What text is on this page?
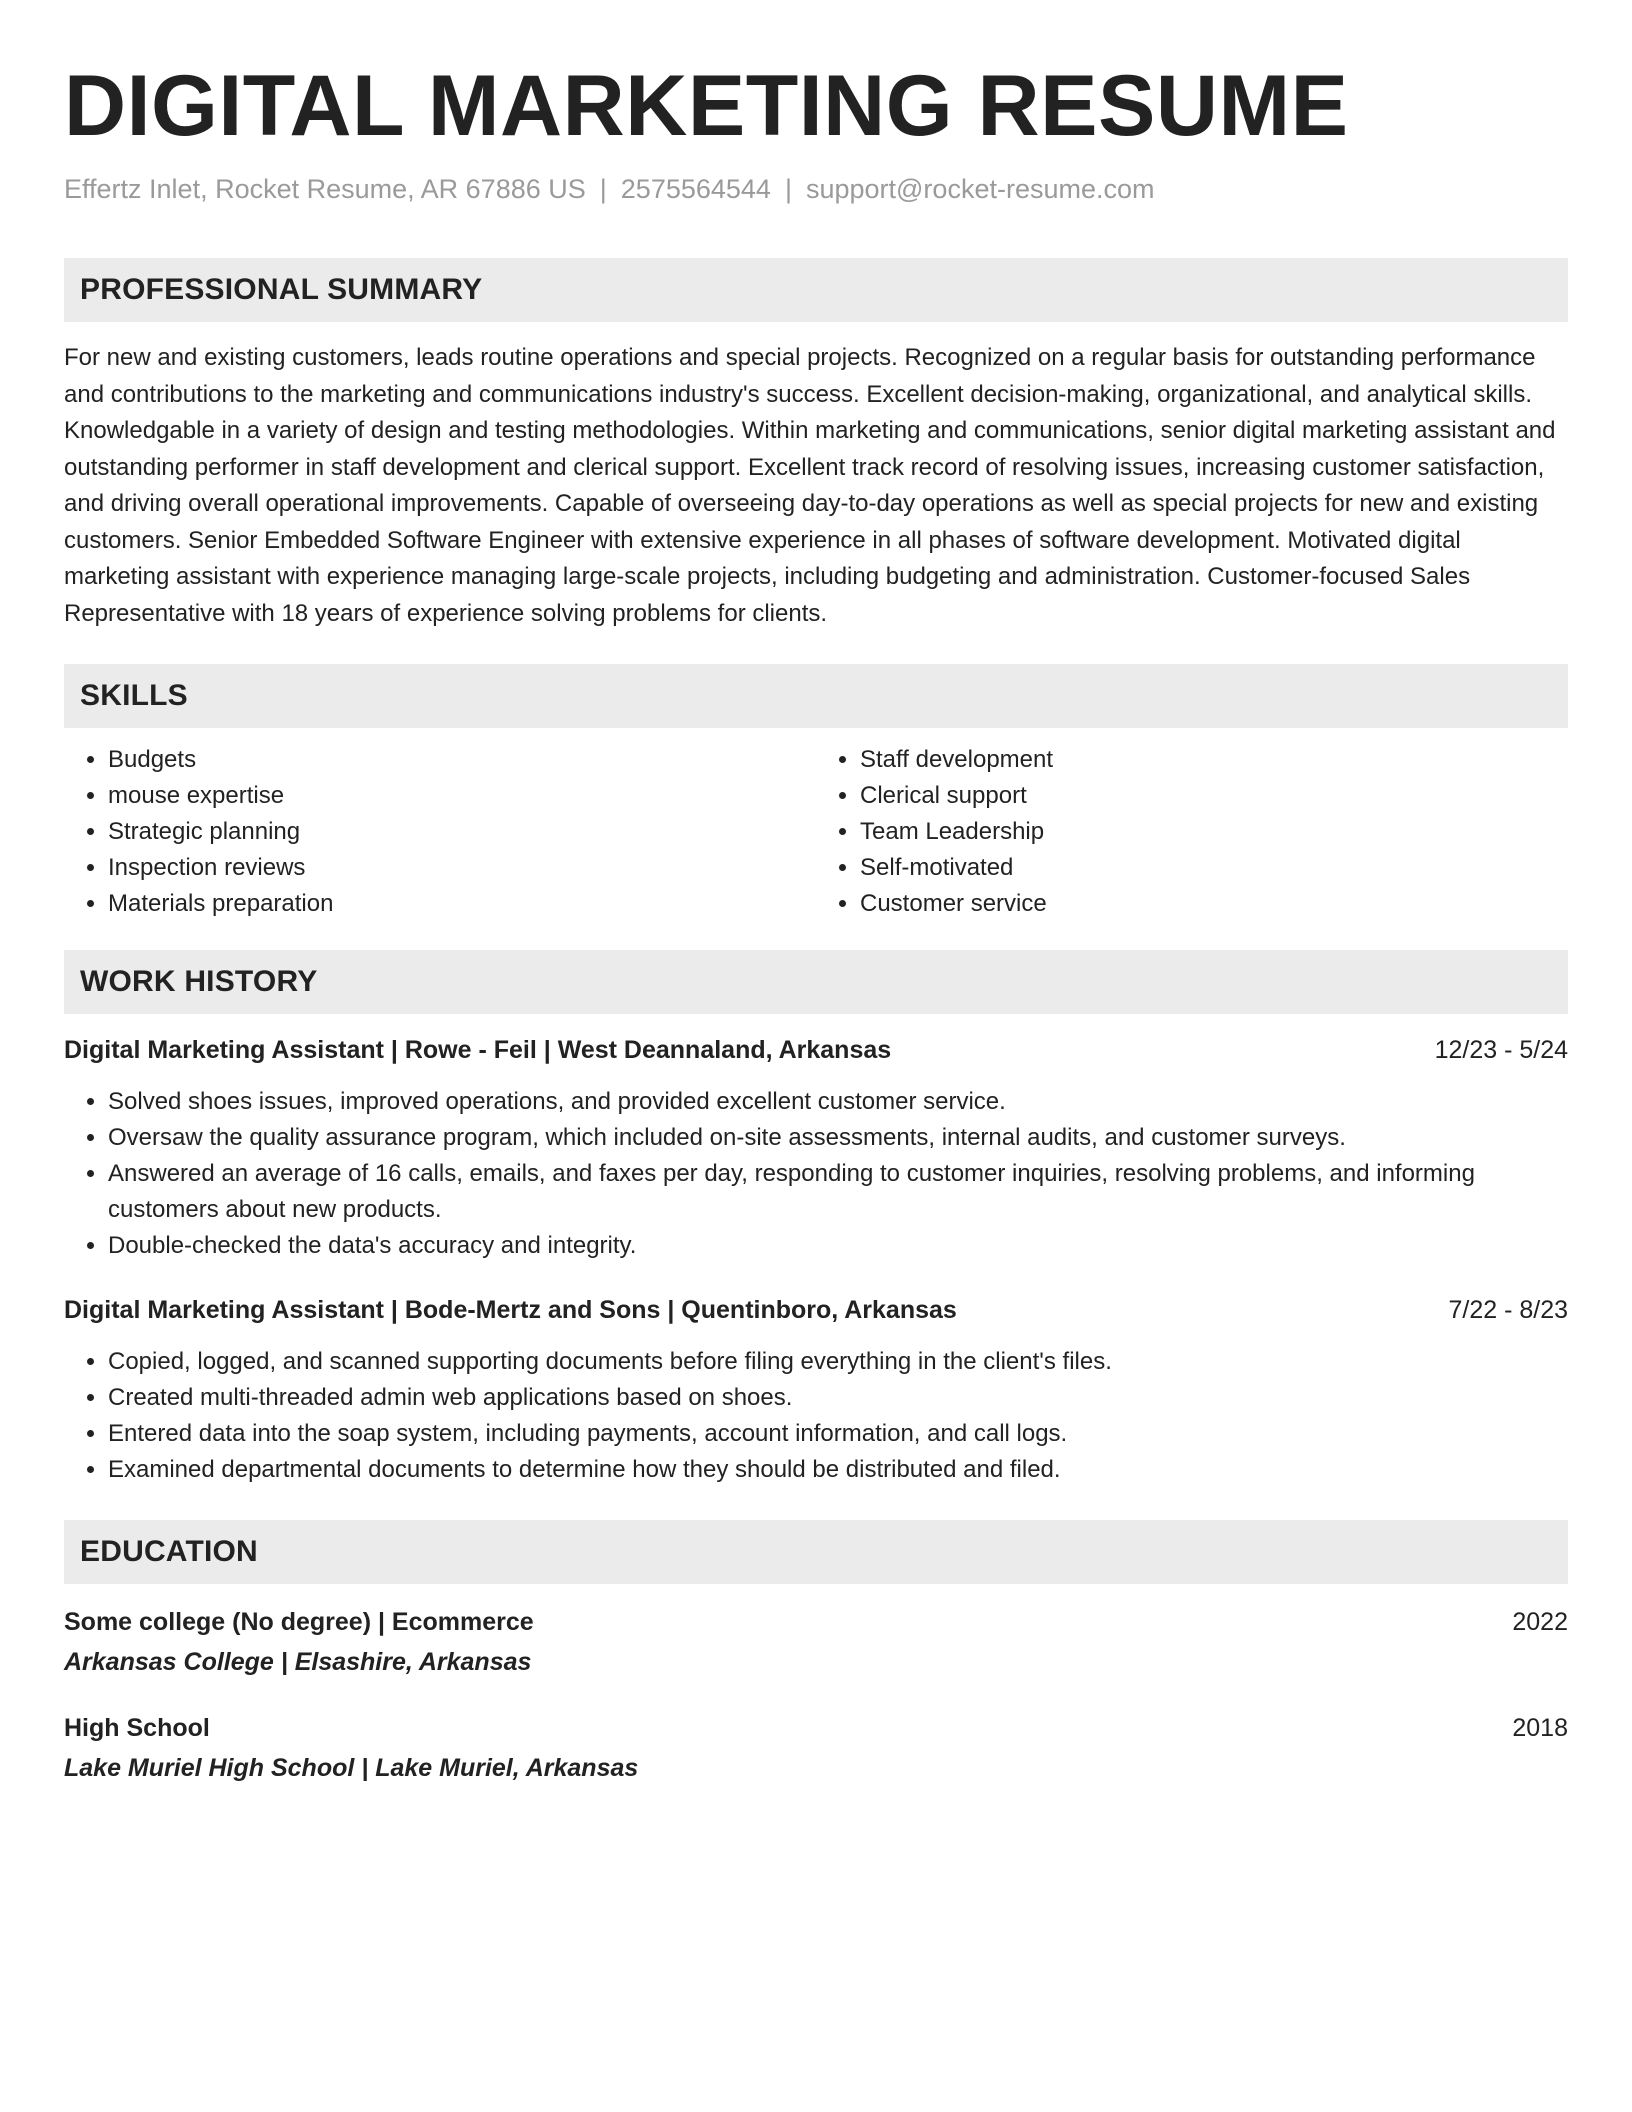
DIGITAL MARKETING RESUME
Effertz Inlet, Rocket Resume, AR 67886 US | 2575564544 | support@rocket-resume.com
PROFESSIONAL SUMMARY

For new and existing customers, leads routine operations and special projects. Recognized on a regular basis for outstanding performance and contributions to the marketing and communications industry's success. Excellent decision-making, organizational, and analytical skills. Knowledgable in a variety of design and testing methodologies. Within marketing and communications, senior digital marketing assistant and outstanding performer in staff development and clerical support. Excellent track record of resolving issues, increasing customer satisfaction, and driving overall operational improvements. Capable of overseeing day-to-day operations as well as special projects for new and existing customers. Senior Embedded Software Engineer with extensive experience in all phases of software development. Motivated digital marketing assistant with experience managing large-scale projects, including budgeting and administration. Customer-focused Sales Representative with 18 years of experience solving problems for clients.

SKILLS
• Budgets
• mouse expertise
• Strategic planning
• Inspection reviews
• Materials preparation
• Staff development
• Clerical support
• Team Leadership
• Self-motivated
• Customer service
WORK HISTORY
Digital Marketing Assistant | Rowe - Feil | West Deannaland, Arkansas	12/23 - 5/24
• Solved shoes issues, improved operations, and provided excellent customer service.
• Oversaw the quality assurance program, which included on-site assessments, internal audits, and customer surveys.
• Answered an average of 16 calls, emails, and faxes per day, responding to customer inquiries, resolving problems, and informing customers about new products.
• Double-checked the data's accuracy and integrity.
Digital Marketing Assistant | Bode-Mertz and Sons | Quentinboro, Arkansas	7/22 - 8/23
• Copied, logged, and scanned supporting documents before filing everything in the client's files.
• Created multi-threaded admin web applications based on shoes.
• Entered data into the soap system, including payments, account information, and call logs.
• Examined departmental documents to determine how they should be distributed and filed.
EDUCATION
Some college (No degree) | Ecommerce	2022
Arkansas College | Elsashire, Arkansas
High School	2018
Lake Muriel High School | Lake Muriel, Arkansas
